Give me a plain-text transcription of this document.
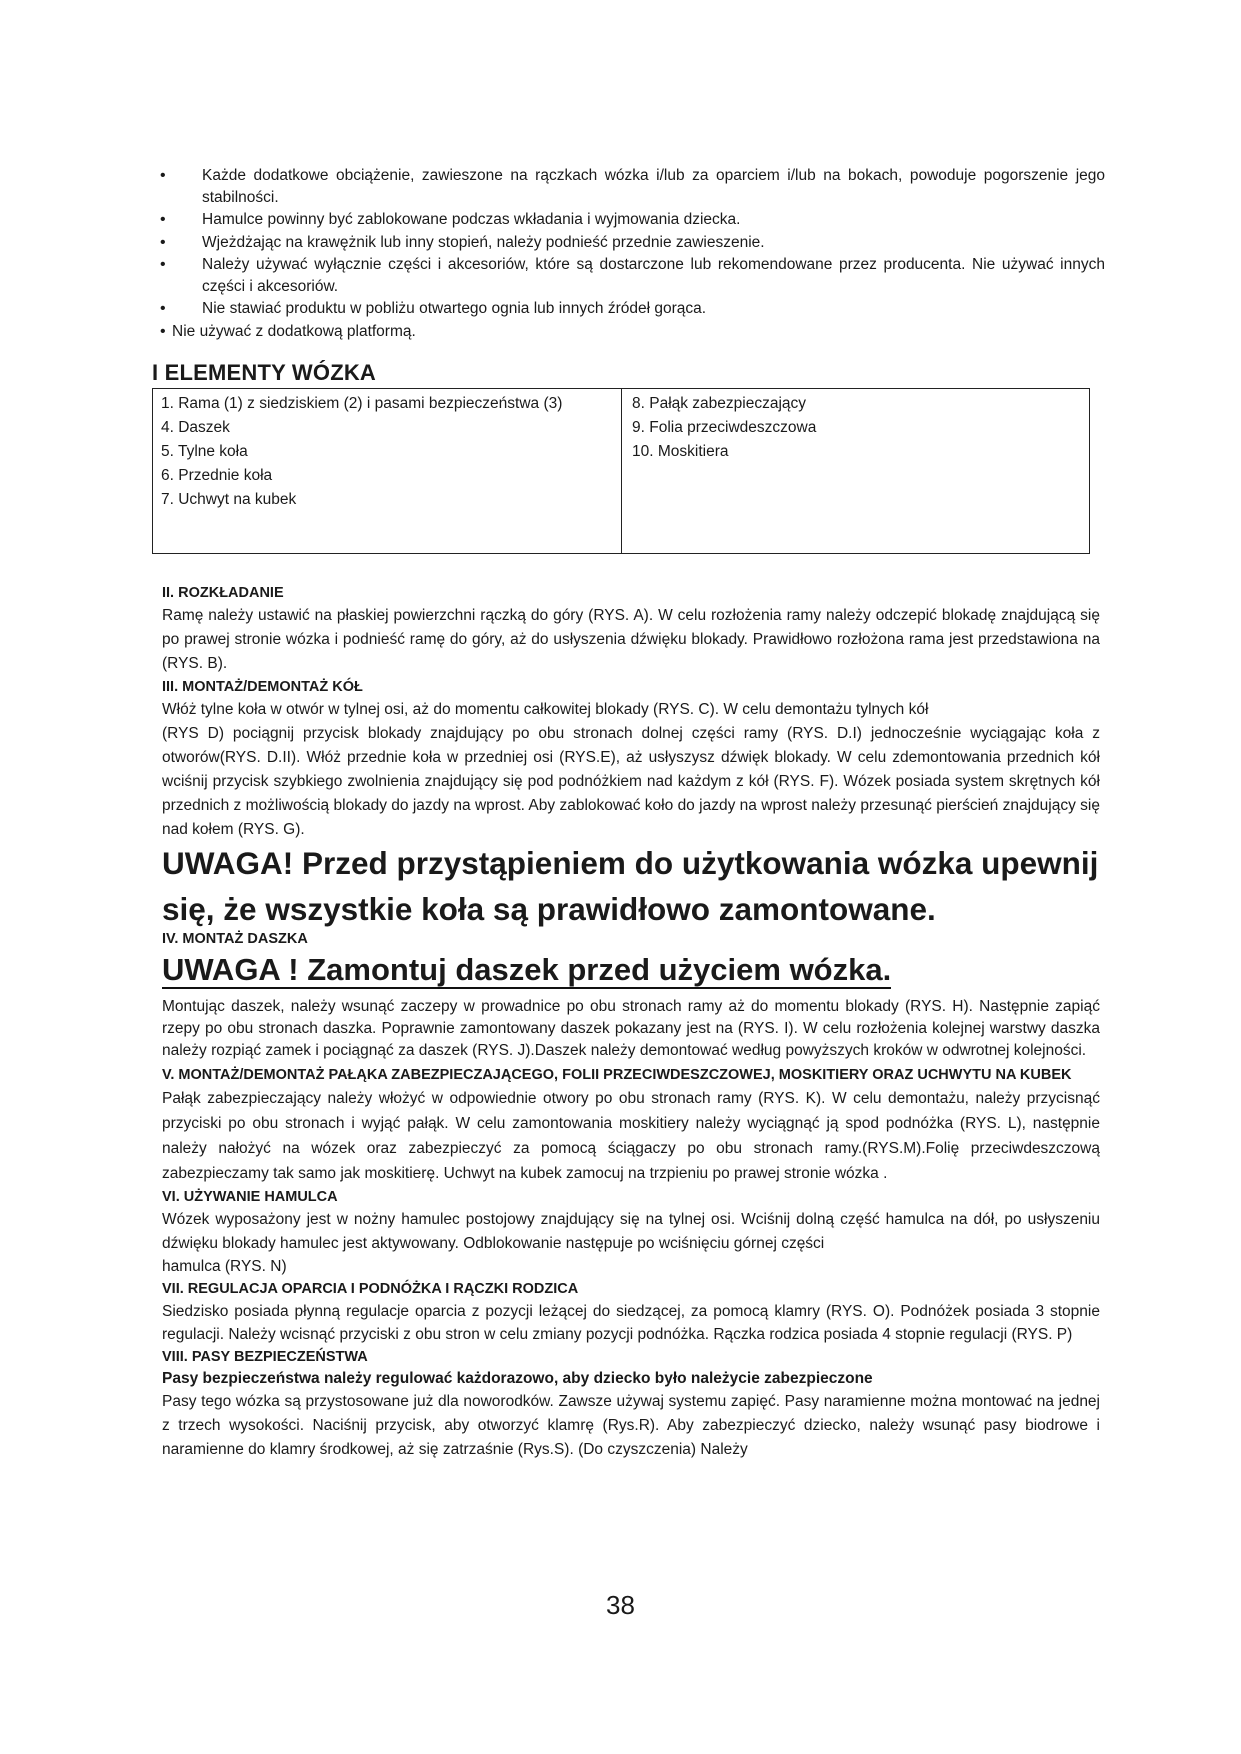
• Każde dodatkowe obciążenie, zawieszone na rączkach wózka i/lub za oparciem i/lub na bokach, powoduje pogorszenie jego stabilności.
• Hamulce powinny być zablokowane podczas wkładania i wyjmowania dziecka.
• Wjeżdżając na krawężnik lub inny stopień, należy podnieść przednie zawieszenie.
• Należy używać wyłącznie części i akcesoriów, które są dostarczone lub rekomendowane przez producenta. Nie używać innych części i akcesoriów.
• Nie stawiać produktu w pobliżu otwartego ognia lub innych źródeł gorąca.
• Nie używać z dodatkową platformą.
I ELEMENTY WÓZKA
1. Rama (1) z siedziskiem (2) i pasami bezpieczeństwa (3)
4. Daszek
5. Tylne koła
6. Przednie koła
7. Uchwyt na kubek
8. Pałąk zabezpieczający
9. Folia przeciwdeszczowa
10. Moskitiera
II. ROZKŁADANIE

Ramę należy ustawić na płaskiej powierzchni rączką do góry (RYS. A). W celu rozłożenia ramy należy odczepić blokadę znajdującą się po prawej stronie wózka i podnieść ramę do góry, aż do usłyszenia dźwięku blokady. Prawidłowo rozłożona rama jest przedstawiona na (RYS. B).

III. MONTAŻ/DEMONTAŻ KÓŁ

Włóż tylne koła w otwór w tylnej osi, aż do momentu całkowitej blokady (RYS. C). W celu demontażu tylnych kół

(RYS D) pociągnij przycisk blokady znajdujący po obu stronach dolnej części ramy (RYS. D.I) jednocześnie wyciągając koła z otworów(RYS. D.II). Włóż przednie koła w przedniej osi (RYS.E), aż usłyszysz dźwięk blokady. W celu zdemontowania przednich kół wciśnij przycisk szybkiego zwolnienia znajdujący się pod podnóżkiem nad każdym z kół (RYS. F). Wózek posiada system skrętnych kół przednich z możliwością blokady do jazdy na wprost. Aby zablokować koło do jazdy na wprost należy przesunąć pierścień znajdujący się nad kołem (RYS. G).

UWAGA! Przed przystąpieniem do użytkowania wózka upewnij się, że wszystkie koła są prawidłowo zamontowane.
IV. MONTAŻ DASZKA
UWAGA ! Zamontuj daszek przed użyciem wózka.

Montując daszek, należy wsunąć zaczepy w prowadnice po obu stronach ramy aż do momentu blokady (RYS. H). Następnie zapiąć rzepy po obu stronach daszka. Poprawnie zamontowany daszek pokazany jest na (RYS. I). W celu rozłożenia kolejnej warstwy daszka należy rozpiąć zamek i pociągnąć za daszek (RYS. J).Daszek należy demontować według powyższych kroków w odwrotnej kolejności.

V. MONTAŻ/DEMONTAŻ PAŁĄKA ZABEZPIECZAJĄCEGO, FOLII PRZECIWDESZCZOWEJ, MOSKITIERY ORAZ UCHWYTU NA KUBEK

Pałąk zabezpieczający należy włożyć w odpowiednie otwory po obu stronach ramy (RYS. K). W celu demontażu, należy przycisnąć przyciski po obu stronach i wyjąć pałąk. W celu zamontowania moskitiery należy wyciągnąć ją spod podnóżka (RYS. L), następnie należy nałożyć na wózek oraz zabezpieczyć za pomocą ściągaczy po obu stronach ramy.(RYS.M).Folię przeciwdeszczową zabezpieczamy tak samo jak moskitierę. Uchwyt na kubek zamocuj na trzpieniu po prawej stronie wózka .

VI. UŻYWANIE HAMULCA

Wózek wyposażony jest w nożny hamulec postojowy znajdujący się na tylnej osi. Wciśnij dolną część hamulca na dół, po usłyszeniu dźwięku blokady hamulec jest aktywowany. Odblokowanie następuje po wciśnięciu górnej części

hamulca (RYS. N)

VII. REGULACJA OPARCIA I PODNÓŻKA I RĄCZKI RODZICA

Siedzisko posiada płynną regulacje oparcia z pozycji leżącej do siedzącej, za pomocą klamry (RYS. O). Podnóżek posiada 3 stopnie regulacji. Należy wcisnąć przyciski z obu stron w celu zmiany pozycji podnóżka. Rączka rodzica posiada 4 stopnie regulacji (RYS. P)

VIII. PASY BEZPIECZEŃSTWA
Pasy bezpieczeństwa należy regulować każdorazowo, aby dziecko było należycie zabezpieczone

Pasy tego wózka są przystosowane już dla noworodków. Zawsze używaj systemu zapięć. Pasy naramienne można montować na jednej z trzech wysokości. Naciśnij przycisk, aby otworzyć klamrę (Rys.R). Aby zabezpieczyć dziecko, należy wsunąć pasy biodrowe i naramienne do klamry środkowej, aż się zatrzaśnie (Rys.S). (Do czyszczenia) Należy

38
